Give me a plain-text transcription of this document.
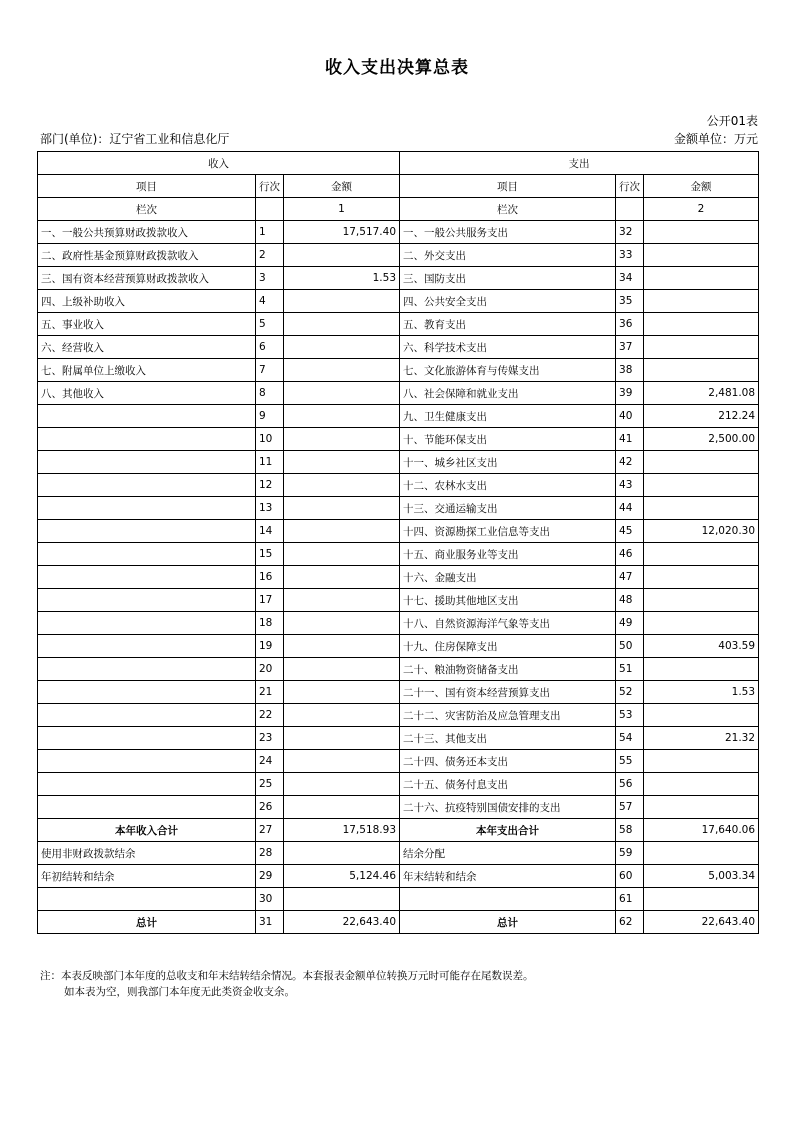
收入支出决算总表
公开01表
部门(单位)：辽宁省工业和信息化厅	金额单位：万元
收入			支出		
项目	行次	金额	项目	行次	金额
栏次		1	栏次		2
一、一般公共预算财政拨款收入	1	17,517.40	一、一般公共服务支出	32	
二、政府性基金预算财政拨款收入	2		二、外交支出	33	
三、国有资本经营预算财政拨款收入	3	1.53	三、国防支出	34	
四、上级补助收入	4		四、公共安全支出	35	
五、事业收入	5		五、教育支出	36	
六、经营收入	6		六、科学技术支出	37	
七、附属单位上缴收入	7		七、文化旅游体育与传媒支出	38	
八、其他收入	8		八、社会保障和就业支出	39	2,481.08
	9		九、卫生健康支出	40	212.24
	10		十、节能环保支出	41	2,500.00
	11		十一、城乡社区支出	42	
	12		十二、农林水支出	43	
	13		十三、交通运输支出	44	
	14		十四、资源勘探工业信息等支出	45	12,020.30
	15		十五、商业服务业等支出	46	
	16		十六、金融支出	47	
	17		十七、援助其他地区支出	48	
	18		十八、自然资源海洋气象等支出	49	
	19		十九、住房保障支出	50	403.59
	20		二十、粮油物资储备支出	51	
	21		二十一、国有资本经营预算支出	52	1.53
	22		二十二、灾害防治及应急管理支出	53	
	23		二十三、其他支出	54	21.32
	24		二十四、债务还本支出	55	
	25		二十五、债务付息支出	56	
	26		二十六、抗疫特别国债安排的支出	57	
本年收入合计	27	17,518.93	本年支出合计	58	17,640.06
使用非财政拨款结余	28		结余分配	59	
年初结转和结余	29	5,124.46	年末结转和结余	60	5,003.34
	30			61	
总计	31	22,643.40	总计	62	22,643.40
注：本表反映部门本年度的总收支和年末结转结余情况。本套报表金额单位转换万元时可能存在尾数误差。
如本表为空，则我部门本年度无此类资金收支余。
